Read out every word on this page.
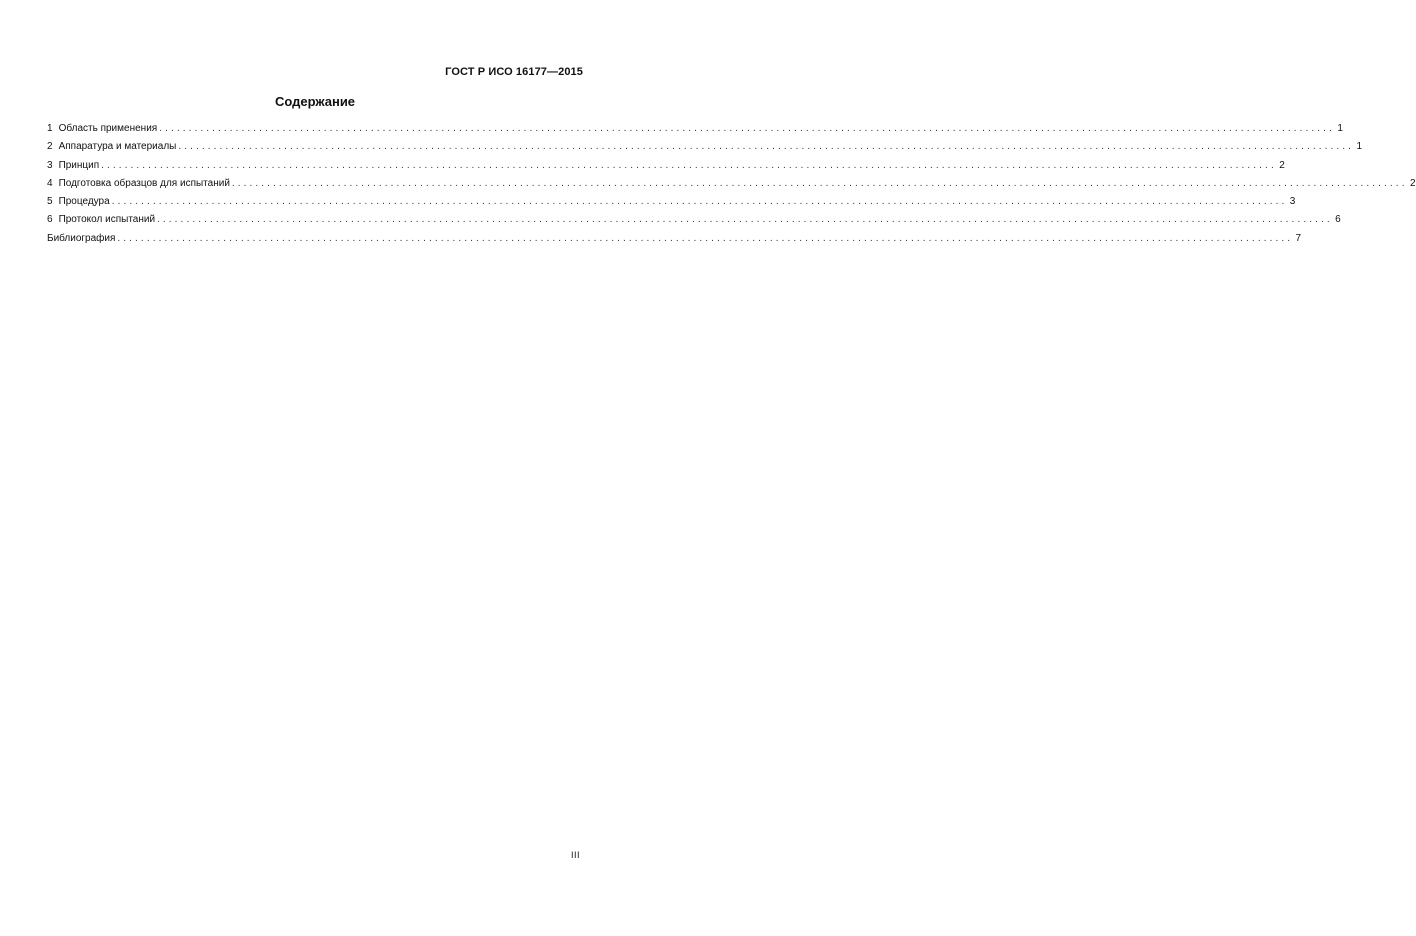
ГОСТ Р ИСО 16177—2015
Содержание
1 Область применения ........................................................................................................................................................................................................ 1
2 Аппаратура и материалы ........................................................................................................................................................................................................ 1
3 Принцип ........................................................................................................................................................................................................ 2
4 Подготовка образцов для испытаний ........................................................................................................................................................................................................ 2
5 Процедура ........................................................................................................................................................................................................ 3
6 Протокол испытаний ........................................................................................................................................................................................................ 6
Библиография ........................................................................................................................................................................................................ 7
III
